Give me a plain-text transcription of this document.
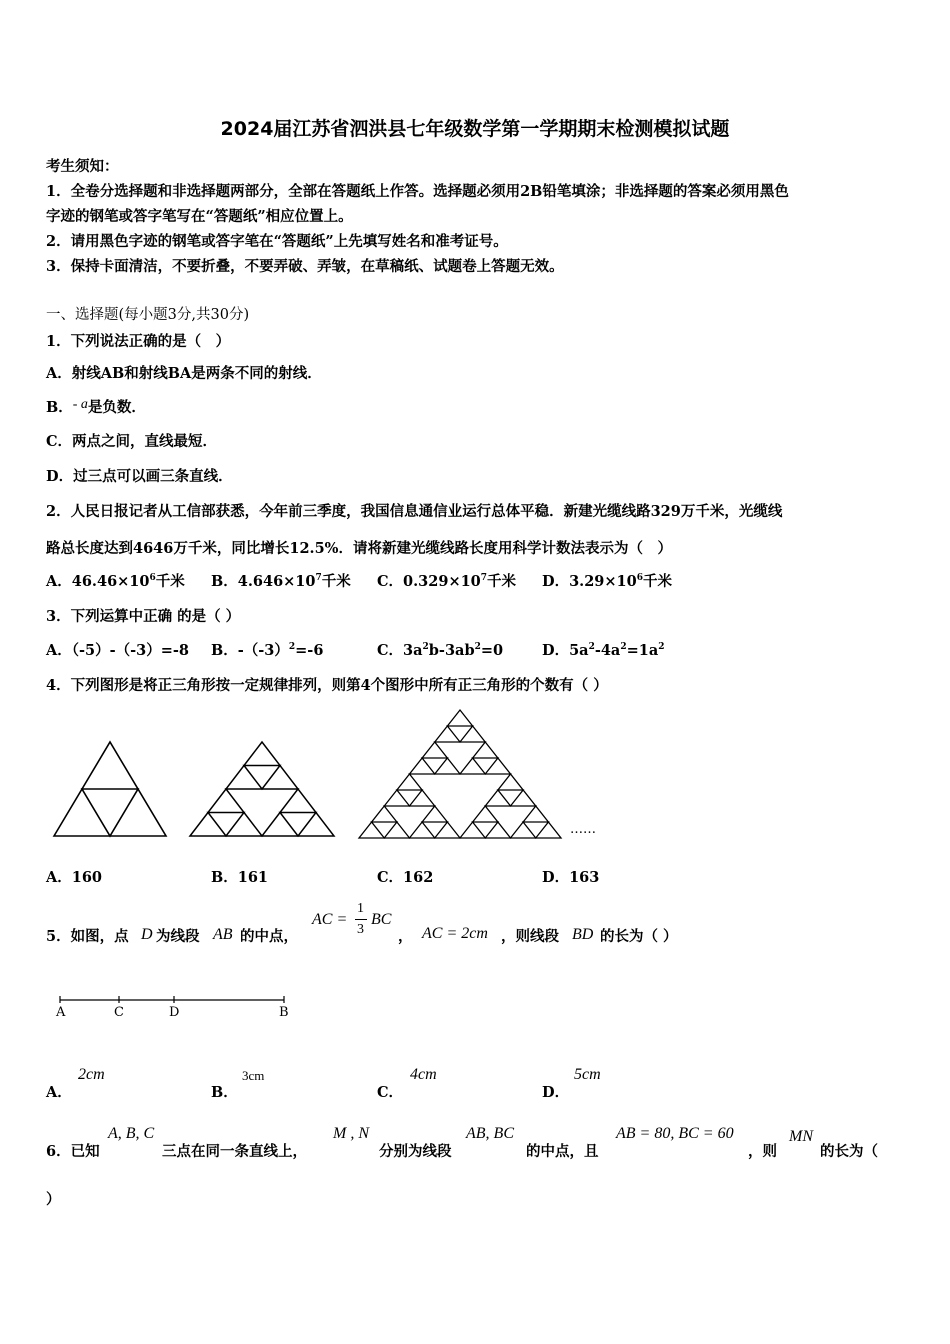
2024届江苏省泗洪县七年级数学第一学期期末检测模拟试题
考生须知：
1．全卷分选择题和非选择题两部分，全部在答题纸上作答。选择题必须用2B铅笔填涂；非选择题的答案必须用黑色
字迹的钢笔或答字笔写在“答题纸”相应位置上。
2．请用黑色字迹的钢笔或答字笔在“答题纸”上先填写姓名和准考证号。
3．保持卡面清洁，不要折叠，不要弄破、弄皱，在草稿纸、试题卷上答题无效。
一、选择题(每小题3分,共30分)
1．下列说法正确的是（　）
A．射线AB和射线BA是两条不同的射线．
B．- a是负数．
C．两点之间，直线最短．
D．过三点可以画三条直线．
2．人民日报记者从工信部获悉，今年前三季度，我国信息通信业运行总体平稳．新建光缆线路329万千米，光缆线
路总长度达到4646万千米，同比增长12.5%．请将新建光缆线路长度用科学计数法表示为（　）
A．$46.46\times 10^6$千米 B．$4.646\times 10^7$千米 C．$0.329\times 10^7$千米 D．$3.29\times 10^6$千米
3．下列运算中正确 的是（ ）
A．（-5）-（-3）=-8 B．$-(-3)^2=-6$	C．$3a^2b-3ab^2=0$	D．$5a^2-4a^2=1a^2$
4．下列图形是将正三角形按一定规律排列，则第4个图形中所有正三角形的个数有（ ）
……
A．160	B．161	C．162	D．163
5．如图，点 D 为线段 AB 的中点，
AC =
1
3
BC
， AC = 2cm ，则线段 BD 的长为（ ）
A	C	D	B
A．
2cm
B．
3cm
C．
4cm
D．
5cm
6．已知
A, B, C
三点在同一条直线上，
M , N
分别为线段
AB, BC
的中点，且
AB = 80, BC = 60
，则
MN
的长为（
）
